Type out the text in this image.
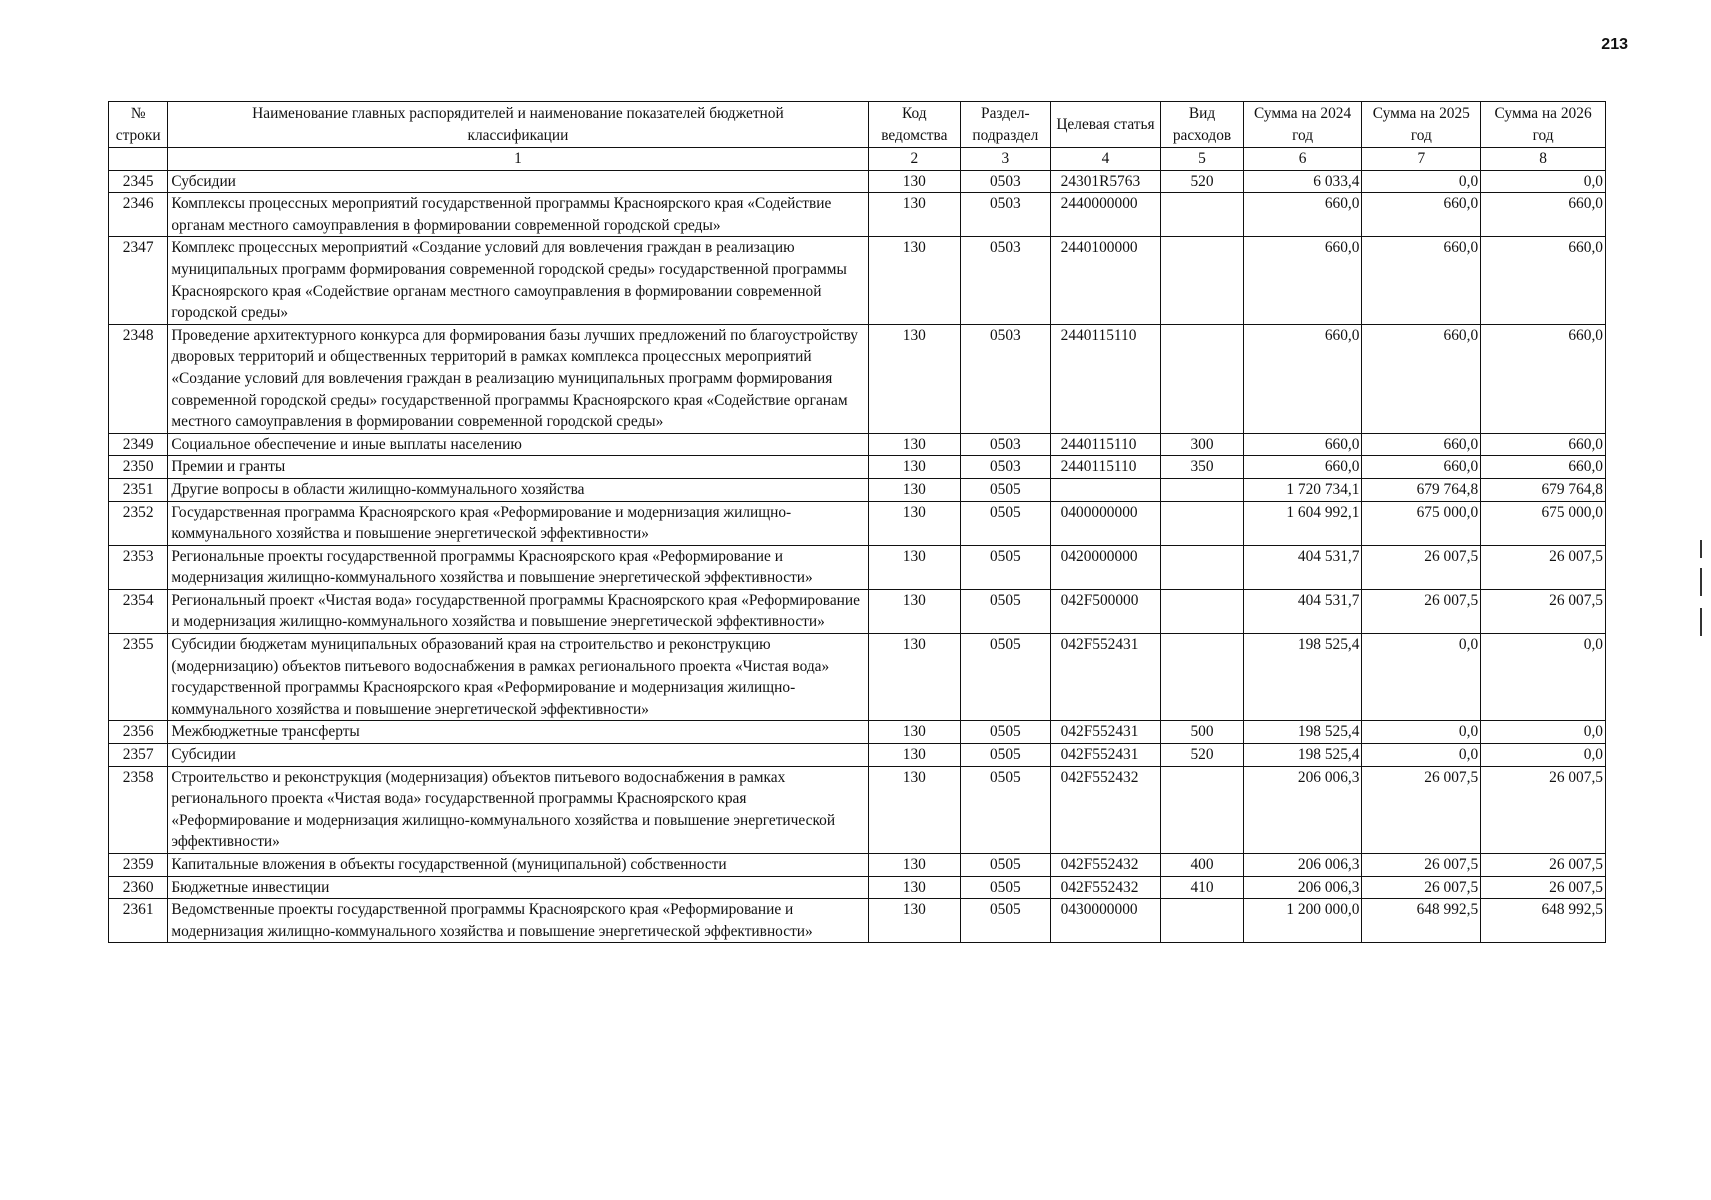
213
№ строки	Наименование главных распорядителей и наименование показателей бюджетной классификации	Код ведомства	Раздел-подраздел	Целевая статья	Вид расходов	Сумма на 2024 год	Сумма на 2025 год	Сумма на 2026 год
	1	2	3	4	5	6	7	8
2345	Субсидии	130	0503	24301R5763	520	6 033,4	0,0	0,0
2346	Комплексы процессных мероприятий государственной программы Красноярского края «Содействие органам местного самоуправления в формировании современной городской среды»	130	0503	2440000000		660,0	660,0	660,0
2347	Комплекс процессных мероприятий «Создание условий для вовлечения граждан в реализацию муниципальных программ формирования современной городской среды» государственной программы Красноярского края «Содействие органам местного самоуправления в формировании современной городской среды»	130	0503	2440100000		660,0	660,0	660,0
2348	Проведение архитектурного конкурса для формирования базы лучших предложений по благоустройству дворовых территорий и общественных территорий в рамках комплекса процессных мероприятий «Создание условий для вовлечения граждан в реализацию муниципальных программ формирования современной городской среды» государственной программы Красноярского края «Содействие органам местного самоуправления в формировании современной городской среды»	130	0503	2440115110		660,0	660,0	660,0
2349	Социальное обеспечение и иные выплаты населению	130	0503	2440115110	300	660,0	660,0	660,0
2350	Премии и гранты	130	0503	2440115110	350	660,0	660,0	660,0
2351	Другие вопросы в области жилищно-коммунального хозяйства	130	0505			1 720 734,1	679 764,8	679 764,8
2352	Государственная программа Красноярского края «Реформирование и модернизация жилищно-коммунального хозяйства и повышение энергетической эффективности»	130	0505	0400000000		1 604 992,1	675 000,0	675 000,0
2353	Региональные проекты государственной программы Красноярского края «Реформирование и модернизация жилищно-коммунального хозяйства и повышение энергетической эффективности»	130	0505	0420000000		404 531,7	26 007,5	26 007,5
2354	Региональный проект «Чистая вода» государственной программы Красноярского края «Реформирование и модернизация жилищно-коммунального хозяйства и повышение энергетической эффективности»	130	0505	042F500000		404 531,7	26 007,5	26 007,5
2355	Субсидии бюджетам муниципальных образований края на строительство и реконструкцию (модернизацию) объектов питьевого водоснабжения в рамках регионального проекта «Чистая вода» государственной программы Красноярского края «Реформирование и модернизация жилищно-коммунального хозяйства и повышение энергетической эффективности»	130	0505	042F552431		198 525,4	0,0	0,0
2356	Межбюджетные трансферты	130	0505	042F552431	500	198 525,4	0,0	0,0
2357	Субсидии	130	0505	042F552431	520	198 525,4	0,0	0,0
2358	Строительство и реконструкция (модернизация) объектов питьевого водоснабжения в рамках регионального проекта «Чистая вода» государственной программы Красноярского края «Реформирование и модернизация жилищно-коммунального хозяйства и повышение энергетической эффективности»	130	0505	042F552432		206 006,3	26 007,5	26 007,5
2359	Капитальные вложения в объекты государственной (муниципальной) собственности	130	0505	042F552432	400	206 006,3	26 007,5	26 007,5
2360	Бюджетные инвестиции	130	0505	042F552432	410	206 006,3	26 007,5	26 007,5
2361	Ведомственные проекты государственной программы Красноярского края «Реформирование и модернизация жилищно-коммунального хозяйства и повышение энергетической эффективности»	130	0505	0430000000		1 200 000,0	648 992,5	648 992,5
